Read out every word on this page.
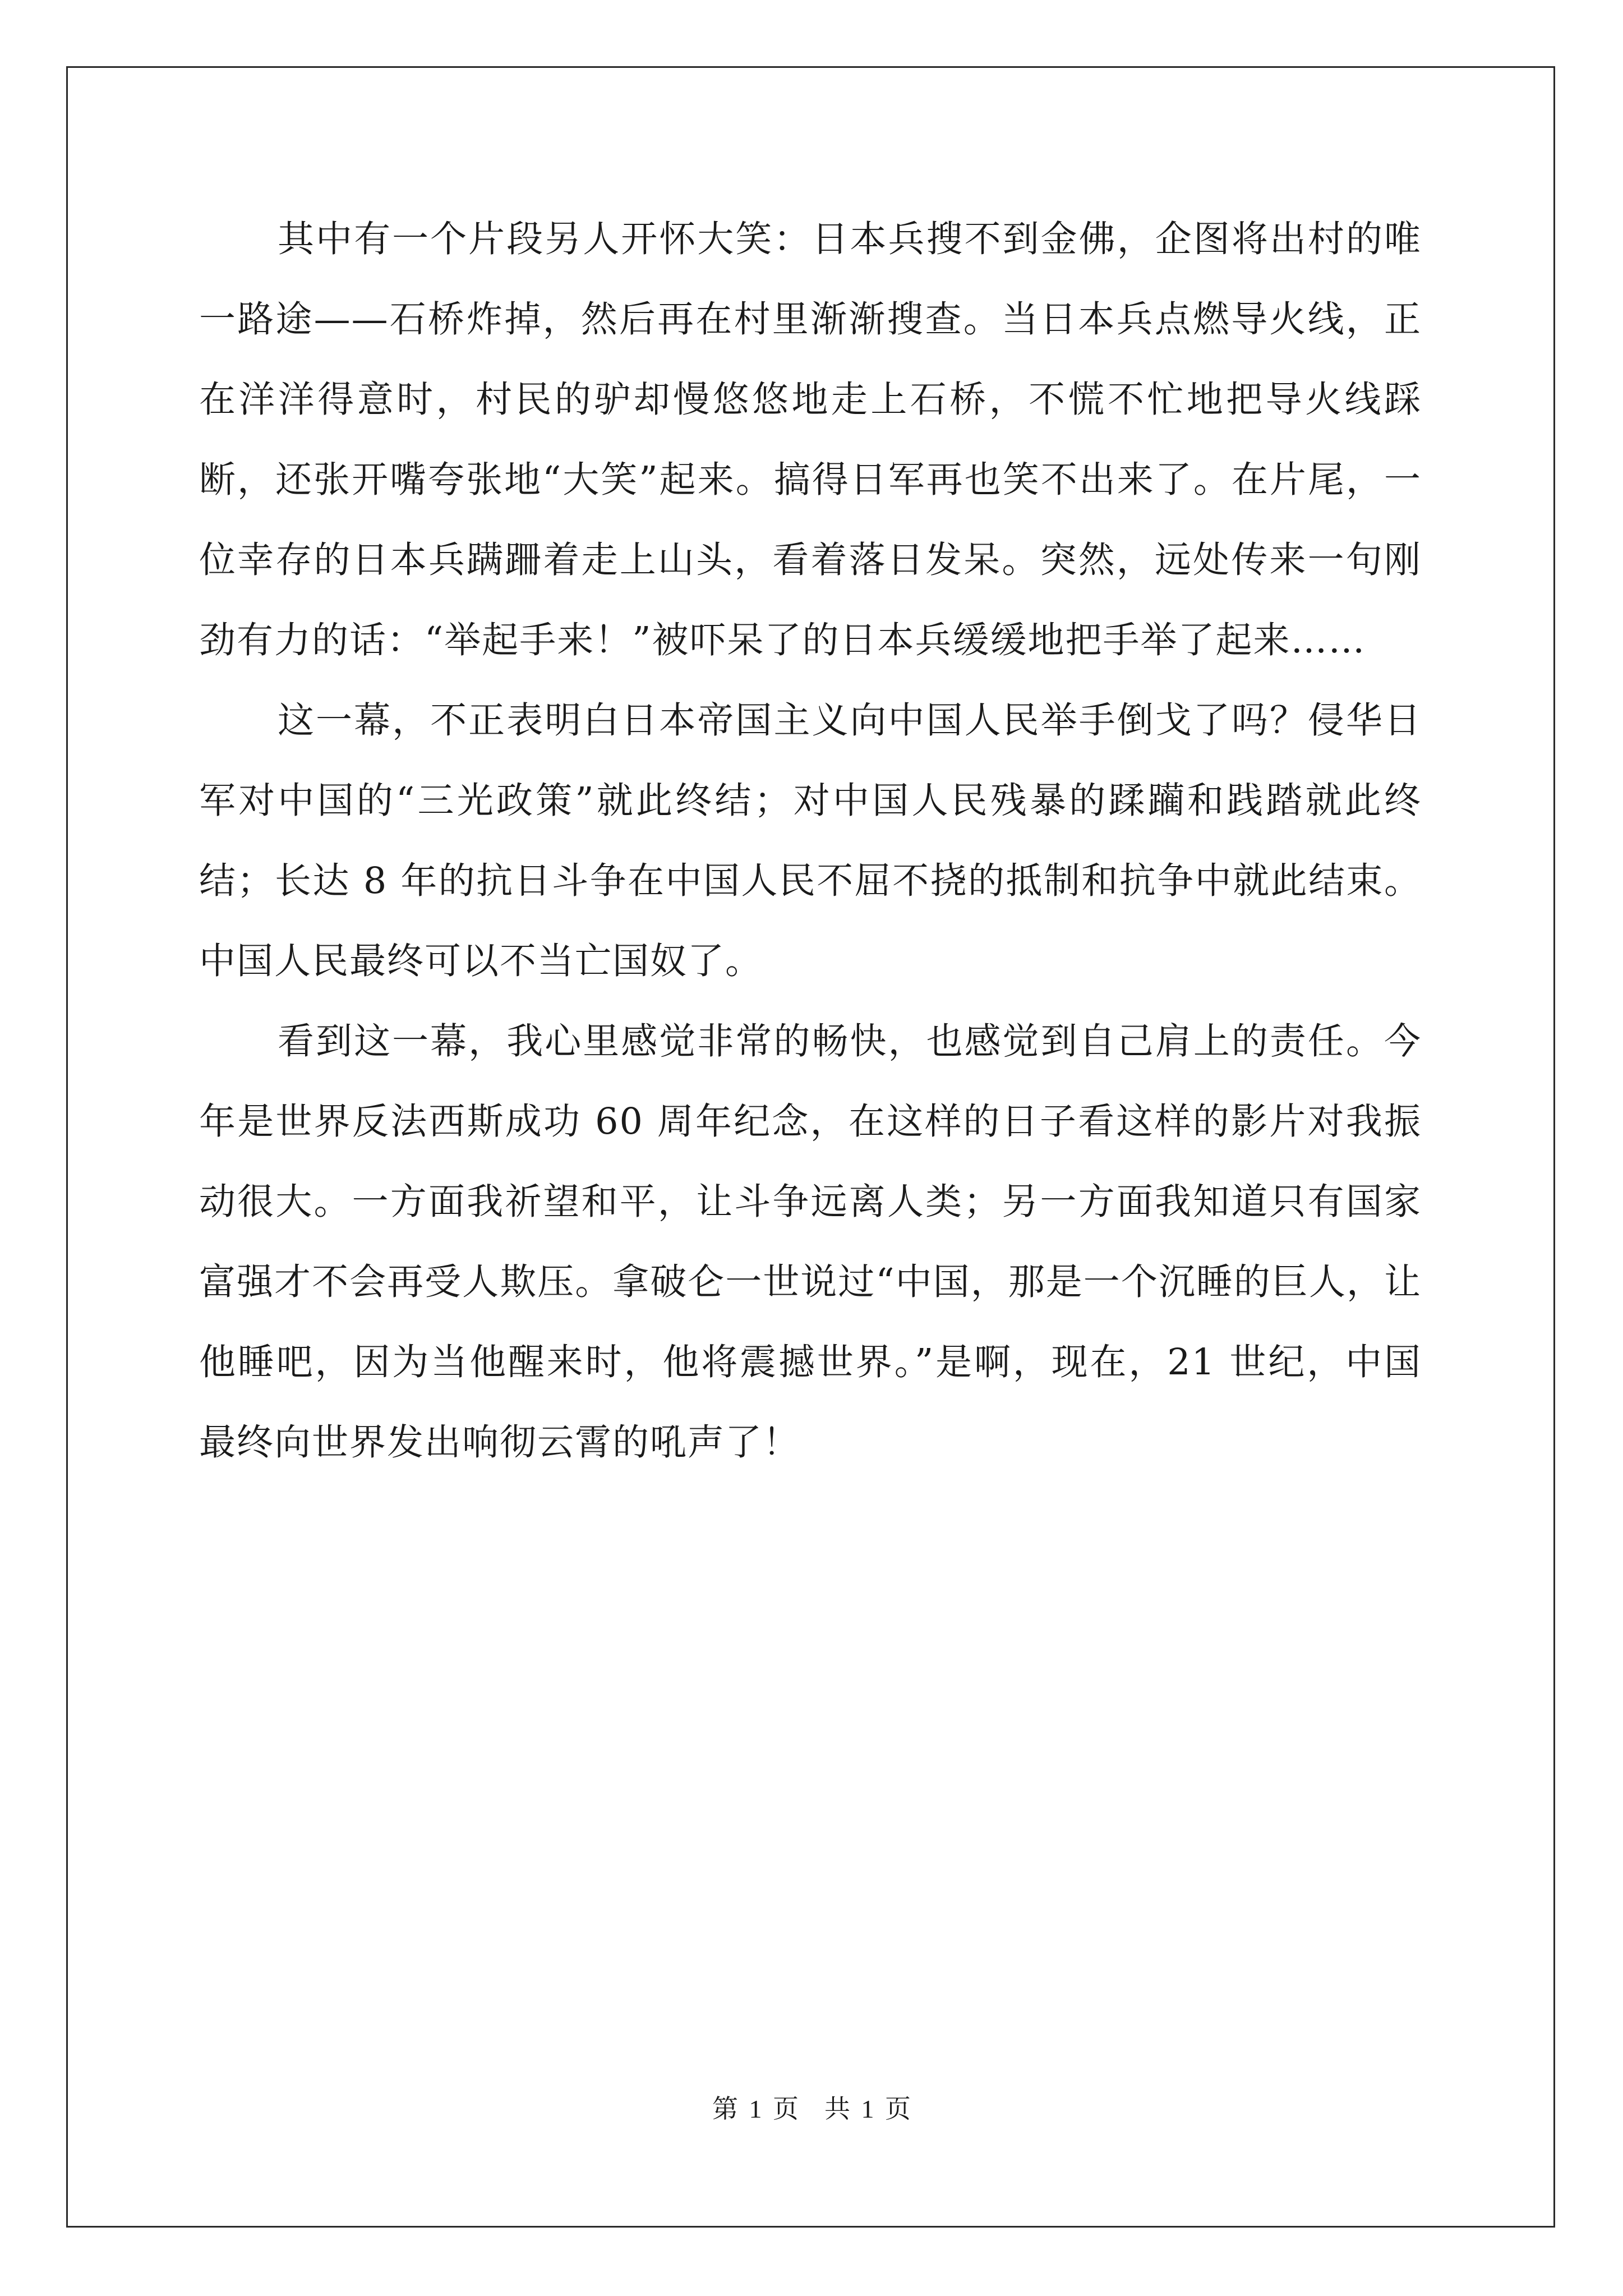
其中有一个片段另人开怀大笑：日本兵搜不到金佛，企图将出村的唯一路途——石桥炸掉，然后再在村里渐渐搜查。当日本兵点燃导火线，正在洋洋得意时，村民的驴却慢悠悠地走上石桥，不慌不忙地把导火线踩断，还张开嘴夸张地“大笑”起来。搞得日军再也笑不出来了。在片尾，一位幸存的日本兵蹒跚着走上山头，看着落日发呆。突然，远处传来一句刚劲有力的话：“举起手来！”被吓呆了的日本兵缓缓地把手举了起来……

这一幕，不正表明白日本帝国主义向中国人民举手倒戈了吗？侵华日军对中国的“三光政策”就此终结；对中国人民残暴的蹂躏和践踏就此终结；长达 8 年的抗日斗争在中国人民不屈不挠的抵制和抗争中就此结束。中国人民最终可以不当亡国奴了。

看到这一幕，我心里感觉非常的畅快，也感觉到自己肩上的责任。今年是世界反法西斯成功 60 周年纪念，在这样的日子看这样的影片对我振动很大。一方面我祈望和平，让斗争远离人类；另一方面我知道只有国家富强才不会再受人欺压。拿破仑一世说过“中国，那是一个沉睡的巨人，让他睡吧，因为当他醒来时，他将震撼世界。”是啊，现在，21 世纪，中国最终向世界发出响彻云霄的吼声了！

第 1 页　共 1 页
